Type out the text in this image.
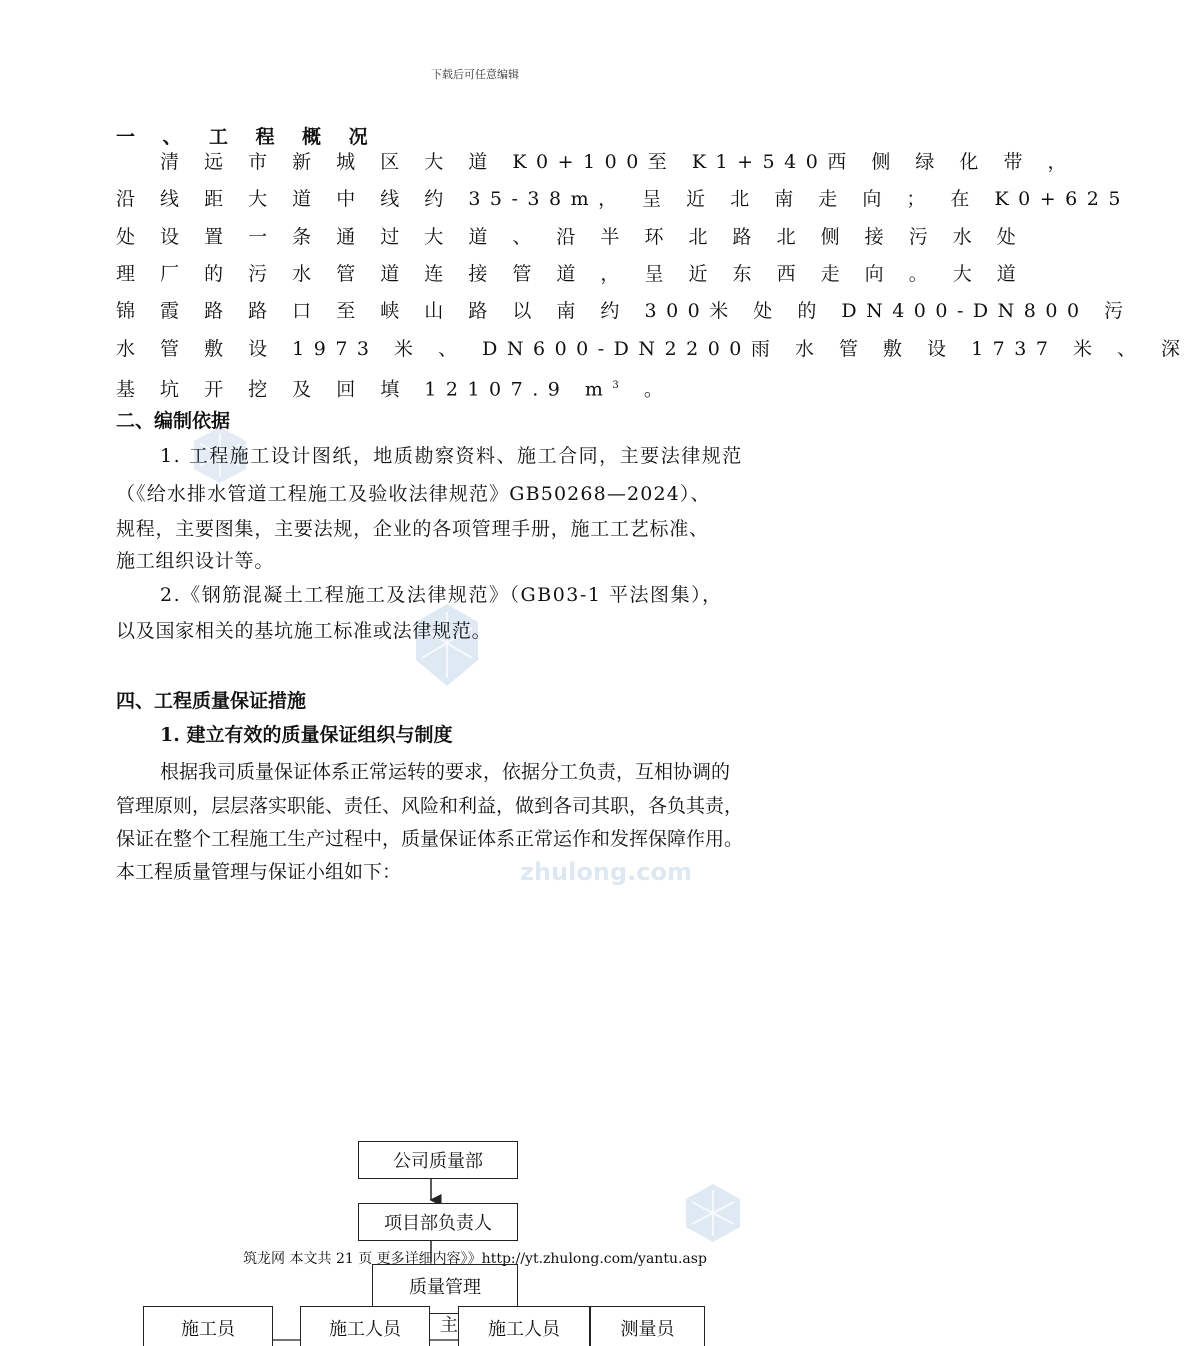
下载后可任意编辑
zhulong.com
一 、 工 程 概 况
清 远 市 新 城 区 大 道 K0+100至 K1+540西 侧 绿 化 带 ，
沿 线 距 大 道 中 线 约 35-38m， 呈 近 北 南 走 向 ； 在 K0+625
处 设 置 一 条 通 过 大 道 、 沿 半 环 北 路 北 侧 接 污 水 处
理 厂 的 污 水 管 道 连 接 管 道 ， 呈 近 东 西 走 向 。 大 道
锦 霞 路 路 口 至 峡 山 路 以 南 约 300米 处 的 DN400-DN800 污
水 管 敷 设 1973 米 、 DN600-DN2200雨 水 管 敷 设 1737 米 、 深
基 坑 开 挖 及 回 填 12107.9 $m^3$ 。
二、编制依据
1. 工程施工设计图纸，地质勘察资料、施工合同，主要法律规范
（《给水排水管道工程施工及验收法律规范》GB50268—2024）、
规程，主要图集，主要法规，企业的各项管理手册，施工工艺标准、
施工组织设计等。
2.《钢筋混凝土工程施工及法律规范》（GB03-1 平法图集），
以及国家相关的基坑施工标准或法律规范。
四、工程质量保证措施
1. 建立有效的质量保证组织与制度
根据我司质量保证体系正常运转的要求，依据分工负责，互相协调的
管理原则，层层落实职能、责任、风险和利益，做到各司其职，各负其责，
保证在整个工程施工生产过程中，质量保证体系正常运作和发挥保障作用。
本工程质量管理与保证小组如下：
公司质量部
项目部负责人
质量管理
施工员	施工人员	施工人员	测量员
主
筑龙网 本文共 21 页 更多详细内容》》http://yt.zhulong.com/yantu.asp
